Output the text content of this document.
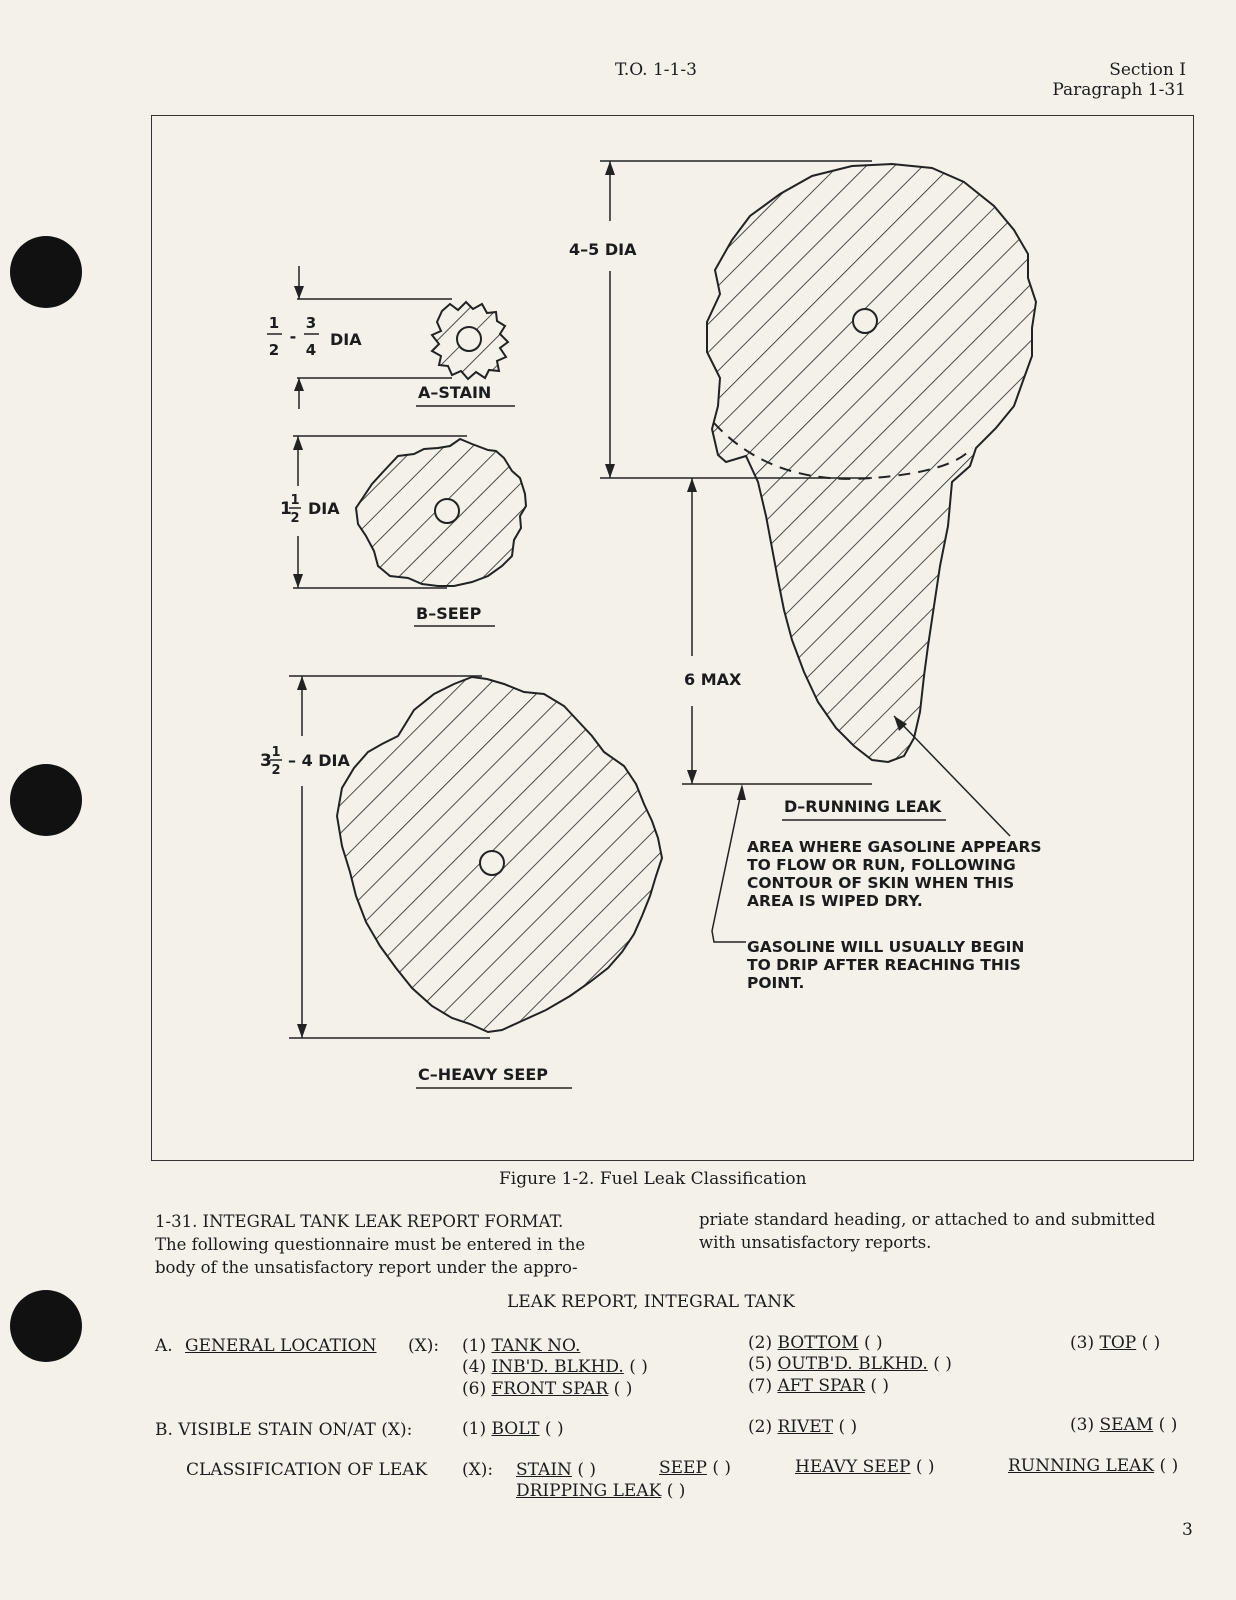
T.O. 1-1-3	Section I
Paragraph 1-31
1
2
-
3
4
DIA
A–STAIN
1
1
2
DIA
B–SEEP
3 1
2
– 4 DIA
C–HEAVY SEEP
4–5 DIA
6 MAX
D–RUNNING LEAK
AREA WHERE GASOLINE APPEARS
TO FLOW OR RUN, FOLLOWING
CONTOUR OF SKIN WHEN THIS
AREA IS WIPED DRY.
GASOLINE WILL USUALLY BEGIN
TO DRIP AFTER REACHING THIS
POINT.
Figure 1-2. Fuel Leak Classification
1-31. INTEGRAL TANK LEAK REPORT FORMAT.
The following questionnaire must be entered in the
body of the unsatisfactory report under the appro-
priate standard heading, or attached to and submitted
with unsatisfactory reports.
LEAK REPORT, INTEGRAL TANK
A. GENERAL LOCATION (X): (1) TANK NO.	(2) BOTTOM ( )	(3) TOP ( )
(4) INB'D. BLKHD. ( )	(5) OUTB'D. BLKHD. ( )
(6) FRONT SPAR ( )	(7) AFT SPAR ( )
B. VISIBLE STAIN ON/AT (X):	(1) BOLT ( )	(2) RIVET ( )	(3) SEAM ( )
CLASSIFICATION OF LEAK (X): STAIN ( )	SEEP ( )	HEAVY SEEP ( )	RUNNING LEAK ( )
DRIPPING LEAK ( )
3
